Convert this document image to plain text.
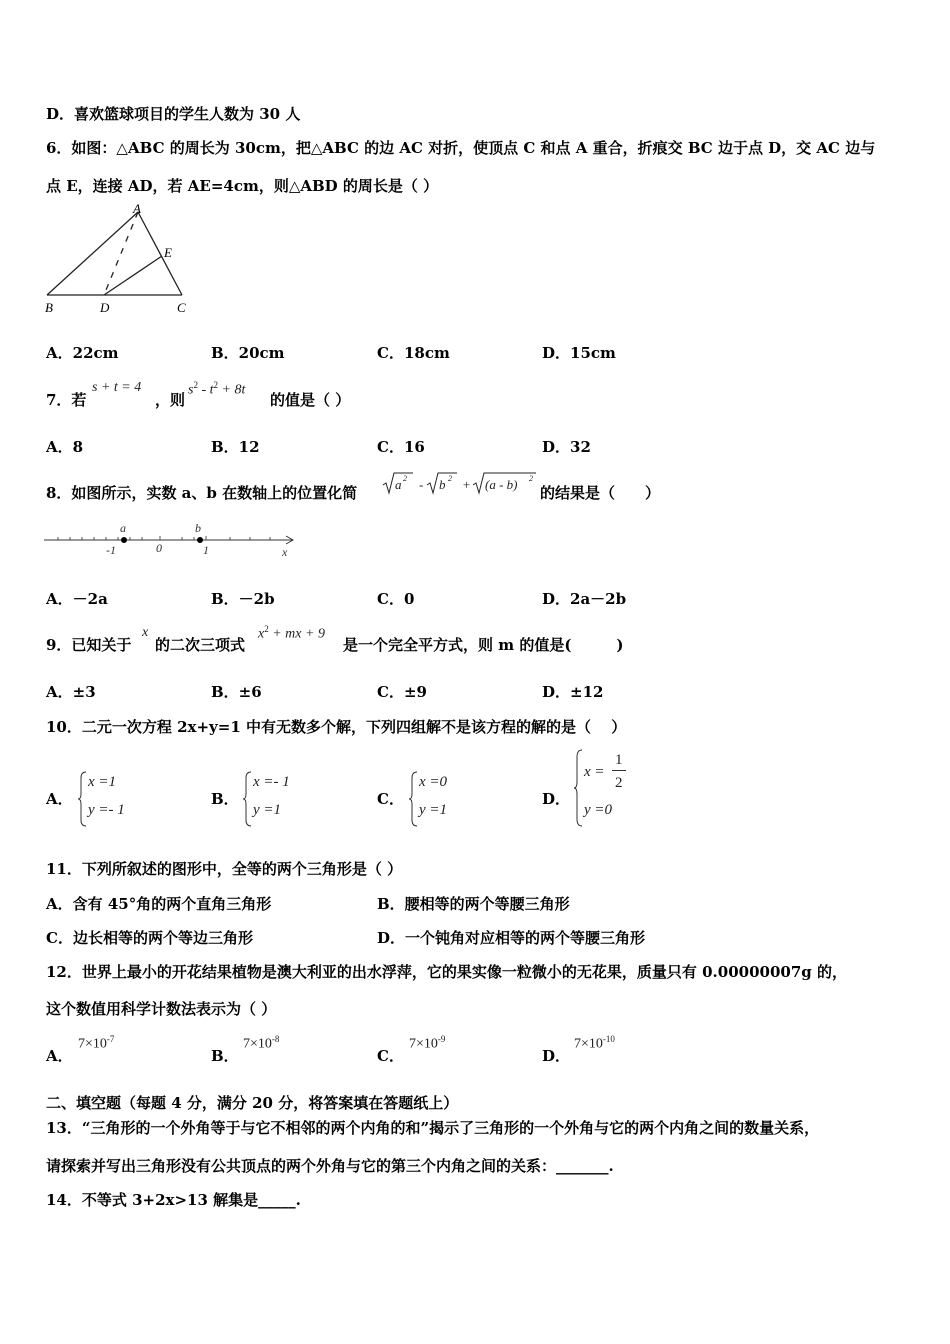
D．喜欢篮球项目的学生人数为 30 人
6．如图：△ABC 的周长为 30cm，把△ABC 的边 AC 对折，使顶点 C 和点 A 重合，折痕交 BC 边于点 D，交 AC 边与
点 E，连接 AD，若 AE=4cm，则△ABD 的周长是（ ）
A
E
B	D	C
A．22cm	B．20cm	C．18cm	D．15cm
7．若
s + t = 4
，则
$s^2 - t^2 + 8t$
的值是（ ）
A．8	B．12	C．16	D．32
8．如图所示，实数 a、b 在数轴上的位置化简	a 2 - b 2 + (a - b) 2
的结果是（　　）
a	b
-1	0	1	x
A．－2a	B．－2b	C．0	D．2a－2b
9．已知关于
x
的二次三项式
$x^2$ + mx + 9
是一个完全平方式，则 m 的值是(　　　)
A．±3	B．±6	C．±9	D．±12
10．二元一次方程 2x+y=1 中有无数多个解，下列四组解不是该方程的解的是（　 ）
A．
x =1
y =- 1
B．
x =- 1
y =1
C．
x =0
y =1
D．
x =
1
2
y =0
11．下列所叙述的图形中，全等的两个三角形是（ ）
A．含有 45°角的两个直角三角形	B．腰相等的两个等腰三角形
C．边长相等的两个等边三角形	D．一个钝角对应相等的两个等腰三角形
12．世界上最小的开花结果植物是澳大利亚的出水浮萍，它的果实像一粒微小的无花果，质量只有 0.00000007g 的，
这个数值用科学计数法表示为（ ）
A．
$7\times 10^{-7}$
B．
$7\times 10^{-8}$
C．
$7\times 10^{-9}$
D．
$7\times 10^{-10}$
二、填空题（每题 4 分，满分 20 分，将答案填在答题纸上）
13．“三角形的一个外角等于与它不相邻的两个内角的和”揭示了三角形的一个外角与它的两个内角之间的数量关系，
请探索并写出三角形没有公共顶点的两个外角与它的第三个内角之间的关系：_______.
14．不等式 3+2x>13 解集是_____.
